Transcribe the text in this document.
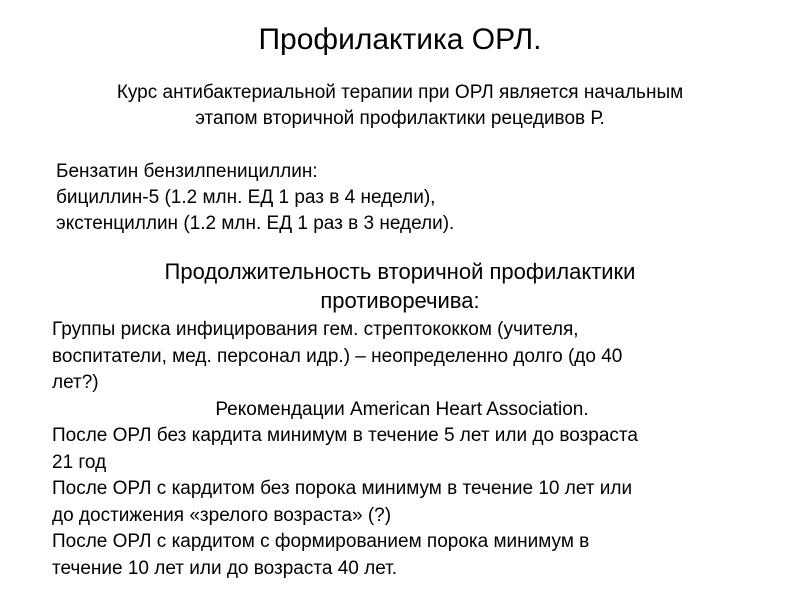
Профилактика ОРЛ.
Курс антибактериальной терапии при ОРЛ является начальным
этапом вторичной профилактики рецедивов Р.
Бензатин бензилпенициллин:
бициллин-5 (1.2 млн. ЕД 1 раз в 4 недели),
экстенциллин (1.2 млн. ЕД 1 раз в 3 недели).
Продолжительность вторичной профилактики
противоречива:
Группы риска инфицирования гем. стрептококком (учителя,
воспитатели, мед. персонал идр.) – неопределенно долго (до 40
лет?)
Рекомендации American Heart Association.
После ОРЛ без кардита минимум в течение 5 лет или до возраста
21 год
После ОРЛ с кардитом без порока минимум в течение 10 лет или
до достижения «зрелого возраста» (?)
После ОРЛ с кардитом с формированием порока минимум в
течение 10 лет или до возраста 40 лет.
